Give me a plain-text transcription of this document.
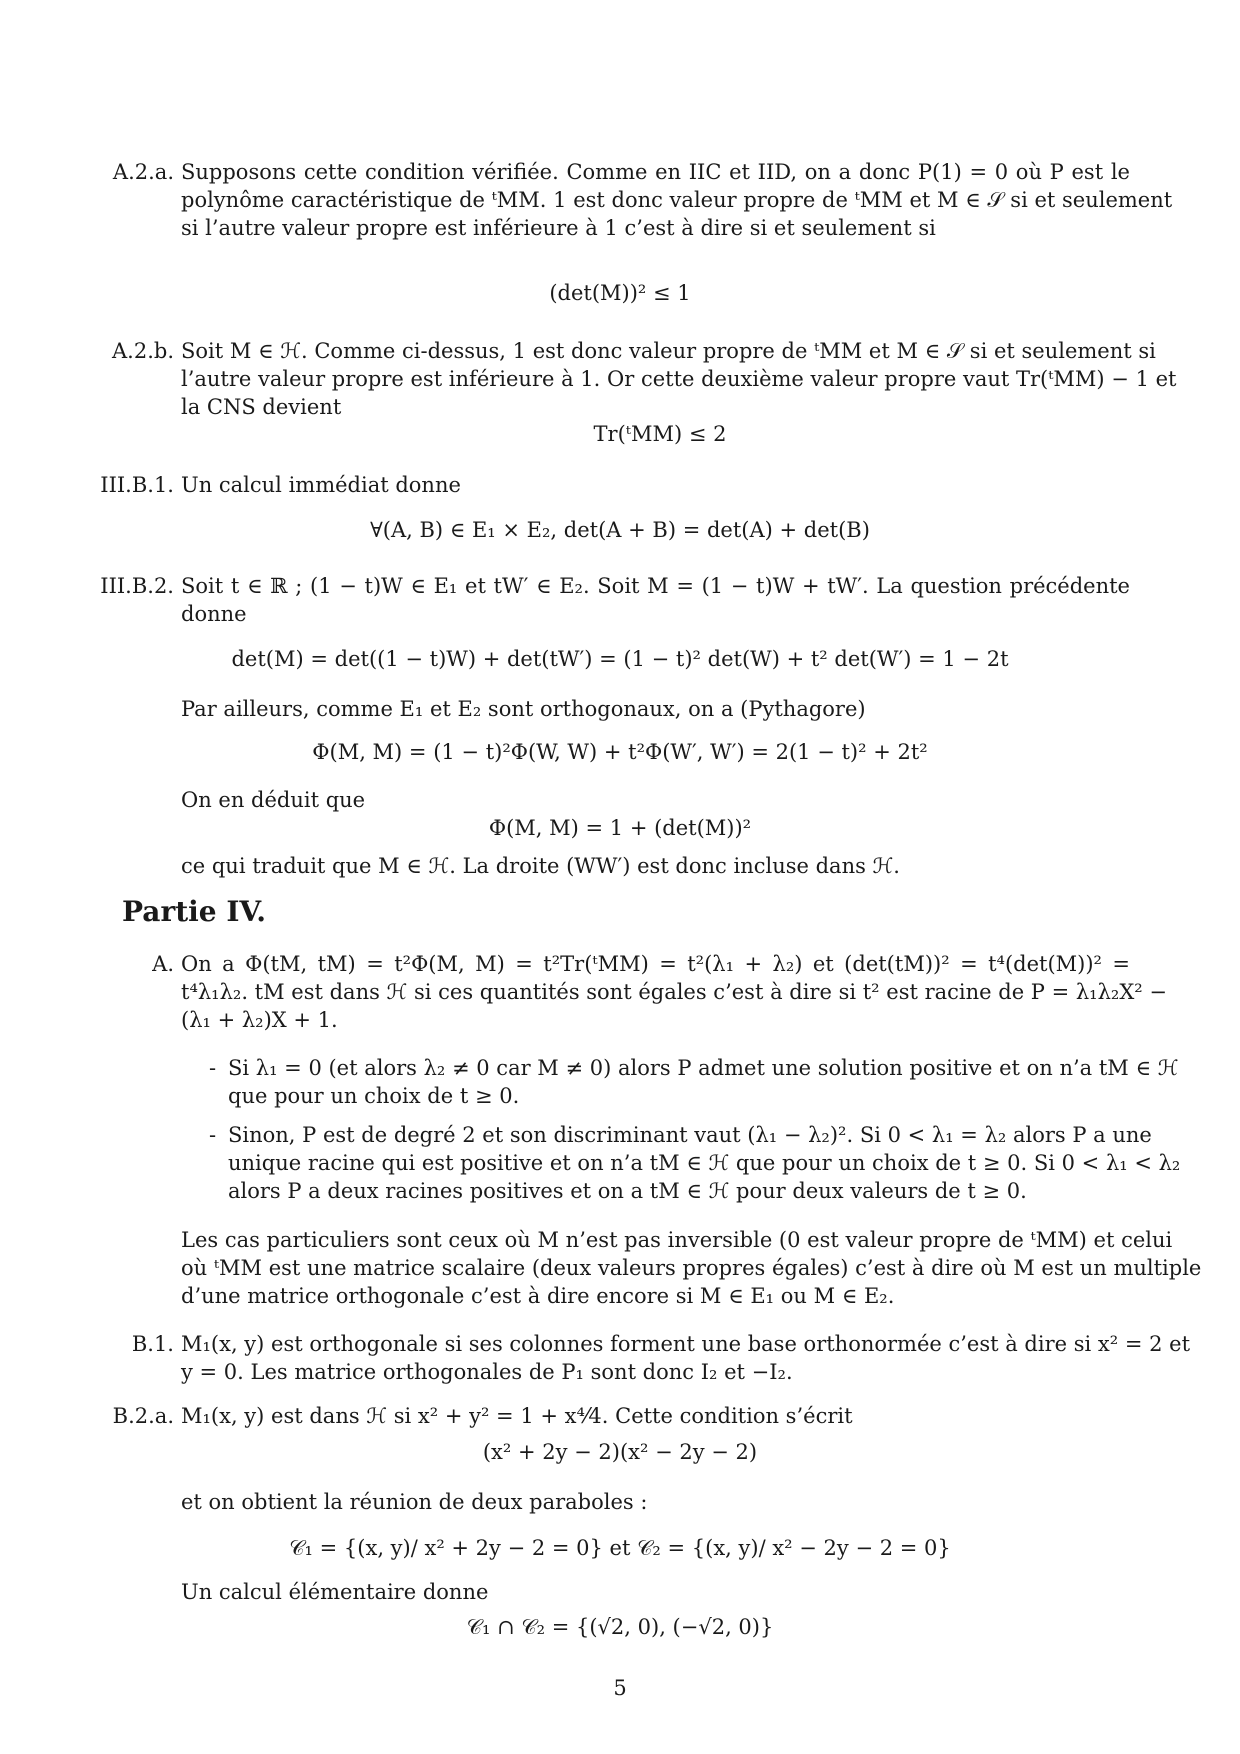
A.2.a. Supposons cette condition vérifiée. Comme en IIC et IID, on a donc P(1) = 0 où P est le
polynôme caractéristique de ᵗMM. 1 est donc valeur propre de ᵗMM et M ∈ 𝒮 si et seulement
si l’autre valeur propre est inférieure à 1 c’est à dire si et seulement si
(det(M))² ≤ 1
A.2.b. Soit M ∈ ℋ. Comme ci-dessus, 1 est donc valeur propre de ᵗMM et M ∈ 𝒮 si et seulement si
l’autre valeur propre est inférieure à 1. Or cette deuxième valeur propre vaut Tr(ᵗMM) − 1 et
la CNS devient
Tr(ᵗMM) ≤ 2
III.B.1. Un calcul immédiat donne
∀(A, B) ∈ E₁ × E₂, det(A + B) = det(A) + det(B)
III.B.2. Soit t ∈ ℝ ; (1 − t)W ∈ E₁ et tW′ ∈ E₂. Soit M = (1 − t)W + tW′. La question précédente
donne
det(M) = det((1 − t)W) + det(tW′) = (1 − t)² det(W) + t² det(W′) = 1 − 2t
Par ailleurs, comme E₁ et E₂ sont orthogonaux, on a (Pythagore)
Φ(M, M) = (1 − t)²Φ(W, W) + t²Φ(W′, W′) = 2(1 − t)² + 2t²
On en déduit que
Φ(M, M) = 1 + (det(M))²
ce qui traduit que M ∈ ℋ. La droite (WW′) est donc incluse dans ℋ.
Partie IV.
A. On a Φ(tM, tM) = t²Φ(M, M) = t²Tr(ᵗMM) = t²(λ₁ + λ₂) et (det(tM))² = t⁴(det(M))² =
t⁴λ₁λ₂. tM est dans ℋ si ces quantités sont égales c’est à dire si t² est racine de P = λ₁λ₂X² −
(λ₁ + λ₂)X + 1.
- Si λ₁ = 0 (et alors λ₂ ≠ 0 car M ≠ 0) alors P admet une solution positive et on n’a tM ∈ ℋ
que pour un choix de t ≥ 0.
- Sinon, P est de degré 2 et son discriminant vaut (λ₁ − λ₂)². Si 0 < λ₁ = λ₂ alors P a une
unique racine qui est positive et on n’a tM ∈ ℋ que pour un choix de t ≥ 0. Si 0 < λ₁ < λ₂
alors P a deux racines positives et on a tM ∈ ℋ pour deux valeurs de t ≥ 0.
Les cas particuliers sont ceux où M n’est pas inversible (0 est valeur propre de ᵗMM) et celui
où ᵗMM est une matrice scalaire (deux valeurs propres égales) c’est à dire où M est un multiple
d’une matrice orthogonale c’est à dire encore si M ∈ E₁ ou M ∈ E₂.
B.1. M₁(x, y) est orthogonale si ses colonnes forment une base orthonormée c’est à dire si x² = 2 et
y = 0. Les matrice orthogonales de P₁ sont donc I₂ et −I₂.
B.2.a. M₁(x, y) est dans ℋ si x² + y² = 1 + x⁴⁄4. Cette condition s’écrit
(x² + 2y − 2)(x² − 2y − 2)
et on obtient la réunion de deux paraboles :
𝒞₁ = {(x, y)/ x² + 2y − 2 = 0} et 𝒞₂ = {(x, y)/ x² − 2y − 2 = 0}
Un calcul élémentaire donne
𝒞₁ ∩ 𝒞₂ = {(√2, 0), (−√2, 0)}
5
